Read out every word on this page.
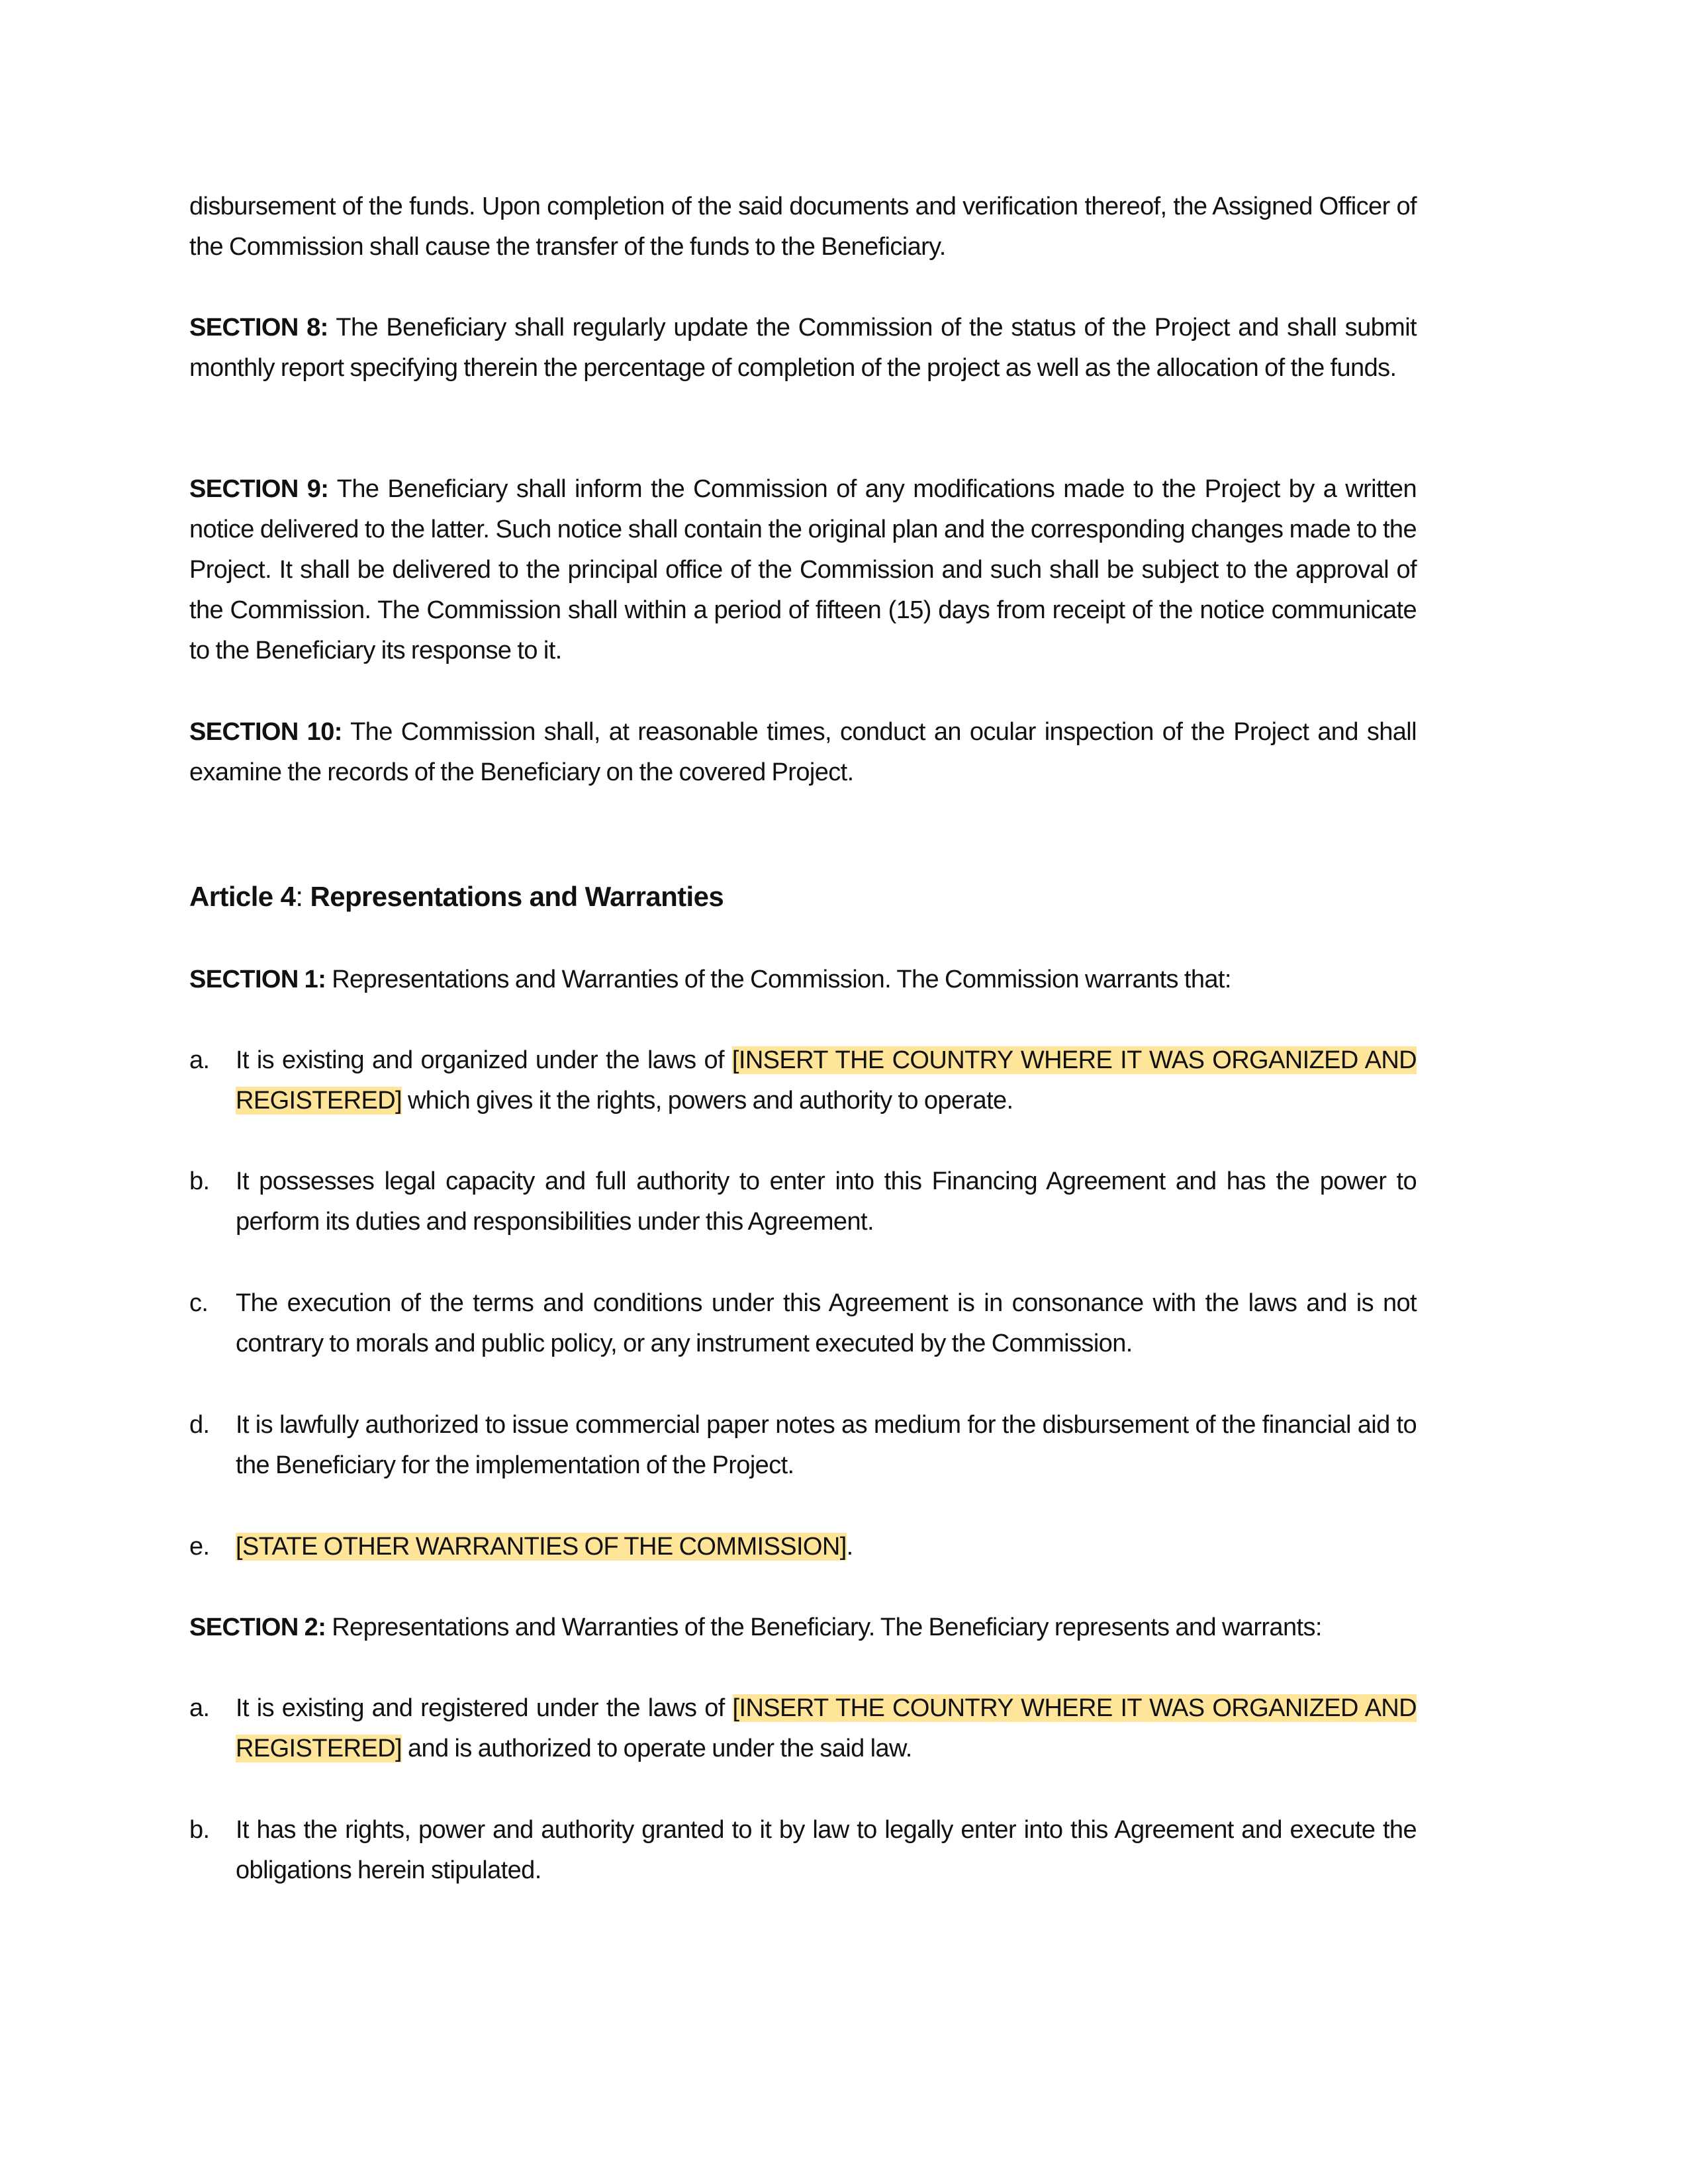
disbursement of the funds. Upon completion of the said documents and verification thereof, the Assigned Officer of the Commission shall cause the transfer of the funds to the Beneficiary.

SECTION 8: The Beneficiary shall regularly update the Commission of the status of the Project and shall submit monthly report specifying therein the percentage of completion of the project as well as the allocation of the funds.

SECTION 9: The Beneficiary shall inform the Commission of any modifications made to the Project by a written notice delivered to the latter. Such notice shall contain the original plan and the corresponding changes made to the Project. It shall be delivered to the principal office of the Commission and such shall be subject to the approval of the Commission. The Commission shall within a period of fifteen (15) days from receipt of the notice communicate to the Beneficiary its response to it.

SECTION 10: The Commission shall, at reasonable times, conduct an ocular inspection of the Project and shall examine the records of the Beneficiary on the covered Project.

Article 4: Representations and Warranties

SECTION 1: Representations and Warranties of the Commission. The Commission warrants that:

a.	It is existing and organized under the laws of [INSERT THE COUNTRY WHERE IT WAS ORGANIZED AND REGISTERED] which gives it the rights, powers and authority to operate.
b.	It possesses legal capacity and full authority to enter into this Financing Agreement and has the power to perform its duties and responsibilities under this Agreement.
c.	The execution of the terms and conditions under this Agreement is in consonance with the laws and is not contrary to morals and public policy, or any instrument executed by the Commission.
d.	It is lawfully authorized to issue commercial paper notes as medium for the disbursement of the financial aid to the Beneficiary for the implementation of the Project.
e.	[STATE OTHER WARRANTIES OF THE COMMISSION].

SECTION 2: Representations and Warranties of the Beneficiary. The Beneficiary represents and warrants:

a.	It is existing and registered under the laws of [INSERT THE COUNTRY WHERE IT WAS ORGANIZED AND REGISTERED] and is authorized to operate under the said law.
b.	It has the rights, power and authority granted to it by law to legally enter into this Agreement and execute the obligations herein stipulated.
